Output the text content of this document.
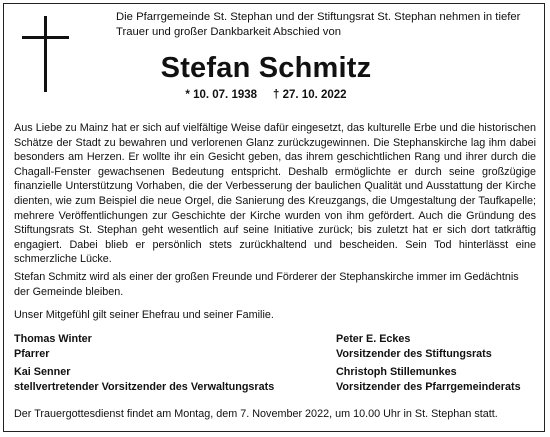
Die Pfarrgemeinde St. Stephan und der Stiftungsrat St. Stephan nehmen in tiefer Trauer und großer Dankbarkeit Abschied von
Stefan Schmitz
* 10. 07. 1938 † 27. 10. 2022
Aus Liebe zu Mainz hat er sich auf vielfältige Weise dafür eingesetzt, das kulturelle Erbe und die historischen Schätze der Stadt zu bewahren und verlorenen Glanz zurückzugewinnen. Die Stephanskirche lag ihm dabei besonders am Herzen. Er wollte ihr ein Gesicht geben, das ihrem geschichtlichen Rang und ihrer durch die Chagall-Fenster gewachsenen Bedeutung entspricht. Deshalb ermöglichte er durch seine großzügige finanzielle Unterstützung Vorhaben, die der Verbesserung der baulichen Qualität und Ausstattung der Kirche dienten, wie zum Beispiel die neue Orgel, die Sanierung des Kreuzgangs, die Umgestaltung der Taufkapelle; mehrere Veröffentlichungen zur Geschichte der Kirche wurden von ihm gefördert. Auch die Gründung des Stiftungsrats St. Stephan geht wesentlich auf seine Initiative zurück; bis zuletzt hat er sich dort tatkräftig engagiert. Dabei blieb er persönlich stets zurückhaltend und bescheiden. Sein Tod hinterlässt eine schmerzliche Lücke.
Stefan Schmitz wird als einer der großen Freunde und Förderer der Stephanskirche immer im Gedächtnis der Gemeinde bleiben.
Unser Mitgefühl gilt seiner Ehefrau und seiner Familie.
Thomas Winter
Pfarrer
Peter E. Eckes
Vorsitzender des Stiftungsrats
Kai Senner
stellvertretender Vorsitzender des Verwaltungsrats
Christoph Stillemunkes
Vorsitzender des Pfarrgemeinderats
Der Trauergottesdienst findet am Montag, dem 7. November 2022, um 10.00 Uhr in St. Stephan statt.
